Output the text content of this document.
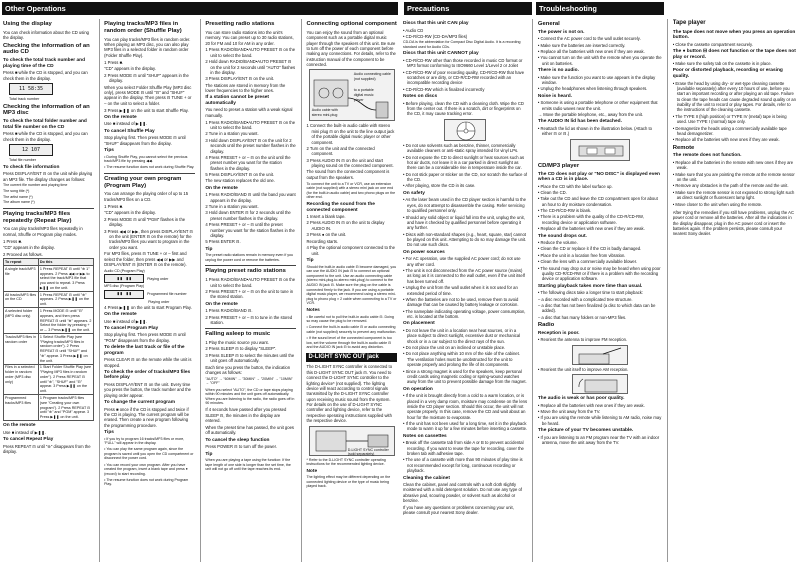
Other Operations
Using the display

You can check information about the CD using the display.

Checking the information of an audio CD
To check the total track number and playing time of the CD

Press ■ while the CD is stopped, and you can check them in the display.

11 58:35
Total track number
Checking the information of an MP3 disc
To check the total folder number and total file number on the CD

Press ■ while the CD is stopped, and you can check them in the display.

12 107
Total file number
To check file information

Press DISPLAY/ENT ⊟ on the unit while playing an MP3 file. The display changes as follows:

The current file number and playing time
The song title (*)
The artist name (*)
The album name (*)
Playing tracks/MP3 files repeatedly (Repeat Play)

You can play tracks/MP3 files repeatedly in normal, Shuffle or Program play modes.

1 Press ■.

"CD" appears in the display.

2 Proceed as follows.
To repeat	Do this
A single track/MP3 file	1 Press REPEAT ⊟ until "⊕ 1" appears. 2 Press ◀◀ or ▶▶ to select the track/MP3 file that you want to repeat. 3 Press ▶❚❚ on the unit.
All tracks/MP3 files on the CD	1 Press REPEAT ⊟ until "⊕" appears. 2 Press ▶❚❚ on the unit.
A selected folder (MP3 disc only)	1 Press MODE ⊟ until "⊟" appears, and then press REPEAT ⊟ until "⊕" appears. 2 Select the folder by pressing + or –. 3 Press ▶❚❚ on the unit.
Tracks/MP3 files in random order	1 Select Shuffle Play (see "Playing tracks/MP3 files in random order"). 2 Press REPEAT ⊟ until "SHUF" and "⊕" appear. 3 Press ▶❚❚ on the unit.
Files in a selected folder in random order (MP3 disc only)	1 Start Folder Shuffle Play (see "Playing MP3 files in random order"). 2 Press REPEAT ⊟ until "⊕", "SHUF" and "⊟" appear. 3 Press ▶❚❚ on the unit.
Programmed tracks/MP3 files	1 Program tracks/MP3 files (see "Creating your own program"). 2 Press REPEAT ⊟ until "⊕" and "PGM" appear. 3 Press ▶❚❚ on the unit.
On the remote

Use ■ instead of ▶❚❚.

To cancel Repeat Play

Press REPEAT ⊟ until "⊕" disappears from the display.

Playing tracks/MP3 files in random order (Shuffle Play)

You can play tracks/MP3 files in random order. When playing an MP3 disc, you can also play MP3 files in a selected folder in random order (Folder Shuffle Play).

1 Press ■.

"CD" appears in the display.

2 Press MODE ⊟ until "SHUF" appears in the display.

When you select Folder Shuffle Play (MP3 disc only), press MODE ⊟ until "⊟" and "SHUF" appear in the display. Then press ⊟ TUNE + or – on the unit to select a folder.

3 Press ▶❚❚ on the unit to start Shuffle Play.
On the remote

Use ■ instead of ▶❚❚.

To cancel Shuffle Play

Stop playing first. Then press MODE ⊟ until "SHUF" disappears from the display.

Tips

• During Shuffle Play, you cannot select the previous track/MP3 file by pressing ◀◀.

• The resume function does not work during Shuffle Play.

Creating your own program (Program Play)

You can arrange the playing order of up to 15 tracks/MP3 files on a CD.

1 Press ■.

"CD" appears in the display.

2 Press MODE ⊟ until "PGM" flashes in the display.
3 Press ◀◀ or ▶▶, then press DISPLAY/ENT ⊟ on the unit (ENTER ⊟ on the remote) for the tracks/MP3 files you want to program in the order you want.

For MP3 files, press ⊟ TUNE + or – first and select the folder, then press ◀◀ or ▶▶ and DISPLAY/ENT ⊟ (ENTER ⊟ on the remote).

Audio CD (Program Play)
▮▮ ▮▮	Playing order
MP3 disc (Program Play)
▮▮ ▮▮	Programmed file number
Playing order
4 Press ▶❚❚ on the unit to start Program Play.
On the remote

Use ■ instead of ▶❚❚.

To cancel Program Play

Stop playing first. Then press MODE ⊟ until "PGM" disappears from the display.

To delete the last track or file of the program

Press CLEAR ⊟ on the remote while the unit is stopped.

To check the order of tracks/MP3 files before play

Press DISPLAY/ENT ⊟ on the unit. Every time you press the button, the track number and the playing order appear.

To change the current program

Press ■ once if the CD is stopped and twice if the CD is playing. The current program will be erased. Then create a new program following the programming procedure.

Tips

• If you try to program 16 tracks/MP3 files or more, "FULL" will appear in the display.

• You can play the same program again, since the program is saved until you open the CD compartment or disconnect the power cord.

• You can record your own program. After you have created the program, insert a blank tape and press ● (record) to start recording.

• The resume function does not work during Program Play.

Presetting radio stations

You can store radio stations into the unit's memory. You can preset up to 30 radio stations, 20 for FM and 10 for AM in any order.

1 Press RADIO/BAND•AUTO PRESET ⊟ on the unit to select the band.
2 Hold down RADIO/BAND•AUTO PRESET ⊟ on the unit for 2 seconds until "AUTO" flashes in the display.
3 Press DISPLAY/ENT ⊟ on the unit.

The stations are stored in memory from the lower frequencies to the higher ones.

If a station cannot be preset automatically

You need to preset a station with a weak signal manually.

1 Press RADIO/BAND•AUTO PRESET ⊟ on the unit to select the band.
2 Tune in a station you want.
3 Hold down DISPLAY/ENT ⊟ on the unit for 2 seconds until the preset number flashes in the display.
4 Press PRESET + or – ⊟ on the unit until the preset number you want for the station flashes in the display.
5 Press DISPLAY/ENT ⊟ on the unit.

The new station replaces the old one.

On the remote
1 Press RADIO/BAND ⊟ until the band you want appears in the display.
2 Tune in a station you want.
3 Hold down ENTER ⊟ for 2 seconds until the preset number flashes in the display.
4 Press PRESET + or – ⊟ until the preset number you want for the station flashes in the display.
5 Press ENTER ⊟.
Tip

The preset radio stations remain in memory even if you unplug the power cord or remove the batteries.

Playing preset radio stations
1 Press RADIO/BAND•AUTO PRESET ⊟ on the unit to select the band.
2 Press PRESET + or – ⊟ on the unit to tune in the stored station.
On the remote
1 Press RADIO/BAND ⊟.
2 Press PRESET + or – ⊟ to tune in the stored station.
Falling asleep to music
1 Play the music source you want.
2 Press SLEEP ⊟ to display "SLEEP".
3 Press SLEEP ⊟ to select the minutes until the unit goes off automatically.

Each time you press the button, the indication changes as follows:

"AUTO" → "60MIN" → "30MIN" → "20MIN" → "10MIN" → "OFF"

When you select "AUTO", the CD or tape stops playing within 90 minutes and the unit goes off automatically. When you are listening to the radio, the radio goes off in 90 minutes.

If 4 seconds have passed after you pressed SLEEP ⊟, the minutes in the display are entered.

When the preset time has passed, the unit goes off automatically.

To cancel the sleep function

Press POWER ⊟ to turn off the power.

Tip

When you are playing a tape using the function: If the tape length of one side is longer than the set time, the unit will not go off until the tape reaches its end.

Connecting optional component

You can enjoy the sound from an optional component such as a portable digital music player through the speakers of this unit. Be sure to turn off the power of each component before making any connections. For details, refer to the instruction manual of the component to be connected.

Audio cable with stereo mini-plug
Audio connecting cable (not supplied)
to a portable digital music player
1 Connect the built-in audio cable with stereo mini plug ⊟ on the unit to the line output jack of the portable digital music player or other component.
2 Turn on the unit and the connected component.
3 Press AUDIO IN ⊟ on the unit and start playing sound on the connected component.

The sound from the connected component is output from the speakers.

To connect the unit to a TV or VCR, use an extension cable (not supplied) with a stereo mini jack on one end (for the built-in audio cable) and two phono plugs on the other end.

Recording the sound from the connected component
1 Insert a blank tape.
2 Press AUDIO IN ⊟ on the unit to display AUDIO IN.
3 Press ● on the unit.

Recording starts.

4 Play the optional component connected to the unit.
Tip

Should the built-in audio cable ⊟ become damaged, you can use the AUDIO IN jack ⊟ to connect an optional component to the unit. Use an audio connecting cable (stereo mini-plug-to-stereo mini-plug) to connect to the AUDIO IN jack ⊟. Make sure the plug on the cable is connected firmly to the jack. If you are using a portable digital music player, we recommend using a stereo mini-plug to phono plug × 2 cable when connecting to a TV or VCR.

Notes

• Be careful not to pull the built-in audio cable ⊟. Doing so may cause the plug to be removed.

• Connect the built-in audio cable ⊟ or audio connecting cable (not supplied) securely to prevent any malfunction.

• If the sound level of the connected component is too low, set the volume through the built-in audio cable ⊟ and the AUDIO IN jack ⊟ to avoid any distortion.

D-LIGHT SYNC OUT jack

The D-LIGHT SYNC controller is connected to this D-LIGHT SYNC OUT jack ⊟. You need to connect the D-LIGHT SYNC controller to the lighting device* (not supplied). The lighting device will react according to control signals transmitted by the D-LIGHT SYNC controller upon receiving music sound from the system. For details on the use of D-LIGHT SYNC controller and lighting device, refer to the respective operating instructions supplied with the respective device.

D-LIGHT SYNC controller (sold separately)

* Refer to the D-LIGHT SYNC controller operating instructions for the recommended lighting device.

Note

The lighting effect may be different depending on the connected lighting device or the type of music being played back.

Precautions	Troubleshooting
Discs that this unit CAN play
• Audio CD
• CD-R/CD-RW (CD-DA/MP3 files)

CD-DA is the abbreviation for Compact Disc Digital Audio. It is a recording standard used for Audio CDs.

Discs that this unit CANNOT play
• CD-R/CD-RW other than those recorded in music CD format or MP3 format conforming to ISO9660 Level 1/Level 2 or Joliet
• CD-R/CD-RW of poor recording quality, CD-R/CD-RW that have scratches or are dirty, or CD-R/CD-RW recorded with an incompatible recording device
• CD-R/CD-RW which is finalized incorrectly
Notes on discs
• Before playing, clean the CD with a cleaning cloth. Wipe the CD from the center out. If there is a scratch, dirt or fingerprints on the CD, it may cause tracking error.
• Do not use solvents such as benzine, thinner, commercially available cleaners or anti-static spray intended for vinyl LPs.
• Do not expose the CD to direct sunlight or heat sources such as hot air ducts, nor leave it in a car parked in direct sunlight as there can be a considerable rise in temperature inside the car.
• Do not stick paper or sticker on the CD, nor scratch the surface of the CD.
• After playing, store the CD in its case.
On safety
• As the laser beam used in the CD player section is harmful to the eyes, do not attempt to disassemble the casing. Refer servicing to qualified personnel only.
• Should any solid object or liquid fall into the unit, unplug the unit, and have it checked by qualified personnel before operating it any further.
• Discs with non-standard shapes (e.g., heart, square, star) cannot be played on this unit. Attempting to do so may damage the unit. Do not use such discs.
On power sources
• For AC operation, use the supplied AC power cord; do not use any other cord.
• The unit is not disconnected from the AC power source (mains) as long as it is connected to the wall outlet, even if the unit itself has been turned off.
• Unplug the unit from the wall outlet when it is not used for an extended period of time.
• When the batteries are not to be used, remove them to avoid damage that can be caused by battery leakage or corrosion.
• The nameplate indicating operating voltage, power consumption, etc. is located at the bottom.
On placement
• Do not leave the unit in a location near heat sources, or in a place subject to direct sunlight, excessive dust or mechanical shock or in a car subject to the direct rays of the sun.
• Do not place the unit on an inclined or unstable place.
• Do not place anything within 10 mm of the side of the cabinet. The ventilation holes must be unobstructed for the unit to operate properly and prolong the life of its components.
• Since a strong magnet is used for the speakers, keep personal credit cards using magnetic coding or spring-wound watches away from the unit to prevent possible damage from the magnet.
On operation
• If the unit is brought directly from a cold to a warm location, or is placed in a very damp room, moisture may condense on the lens inside the CD player section. Should this occur, the unit will not operate properly. In this case, remove the CD and wait about an hour for the moisture to evaporate.
• If the unit has not been used for a long time, set it in the playback mode to warm it up for a few minutes before inserting a cassette.
Notes on cassettes
• Break off the cassette tab from side A or B to prevent accidental recording. If you want to reuse the tape for recording, cover the broken tab with adhesive tape.
• The use of a cassette with more than 90 minutes of play time is not recommended except for long, continuous recording or playback.
Cleaning the cabinet

Clean the cabinet, panel and controls with a soft cloth slightly moistened with a mild detergent solution. Do not use any type of abrasive pad, scouring powder, or solvent such as alcohol or benzine.

If you have any questions or problems concerning your unit, please consult your nearest Sony dealer.

General
The power is not on.
• Connect the AC power cord to the wall outlet securely.
• Make sure the batteries are inserted correctly.
• Replace all the batteries with new ones if they are weak.
• You cannot turn on the unit with the remote when you operate the unit on batteries.
There is no audio.
• Make sure the function you want to use appears in the display window.
• Unplug the headphones when listening through speakers.
Noise is heard.
• Someone is using a portable telephone or other equipment that emits radio waves near the unit.
→ Move the portable telephone, etc., away from the unit.
The AUDIO IN lid has been detached.
• Reattach the lid as shown in the illustration below. (Attach to either ⊟ or ⊟.)
CD/MP3 player
The CD does not play or "NO DISC" is displayed even when a CD is in place.
• Place the CD with the label surface up.
• Clean the CD.
• Take out the CD and leave the CD compartment open for about an hour to dry moisture condensation.
• The CD-R/CD-RW is blank.
• There is a problem with the quality of the CD-R/CD-RW, recording device or application software.
• Replace all the batteries with new ones if they are weak.
The sound drops out.
• Reduce the volume.
• Clean the CD or replace it if the CD is badly damaged.
• Place the unit in a location free from vibration.
• Clean the lens with a commercially available blower.
• The sound may drop out or noise may be heard when using poor quality CD-R/CD-RW or if there is a problem with the recording device or application software.
Starting playback takes more time than usual.
• The following discs take a longer time to start playback:
– a disc recorded with a complicated tree structure.
– a disc that has not been finalized (a disc to which data can be added).
– a disc that has many folders or non-MP3 files.
Radio
Reception is poor.
• Reorient the antenna to improve FM reception.
• Reorient the unit itself to improve AM reception.
The audio is weak or has poor quality.
• Replace all the batteries with new ones if they are weak.
• Move the unit away from the TV.
• If you are using the remote while listening to AM radio, noise may be heard.
The picture of your TV becomes unstable.
• If you are listening to an FM program near the TV with an indoor antenna, move the unit away from the TV.
Tape player
The tape does not move when you press an operation button.
• Close the cassette compartment securely.
The ● button ⊟ does not function or the tape does not play or record.
• Make sure the safety tab on the cassette is in place.
Poor or distorted playback, recording or erasing quality.
• Erase the head by using dry- or wet-type cleaning cassette (available separately) after every 10 hours of use, before you start an important recording or after playing an old tape. Failure to clean the tape heads can cause degraded sound quality or an inability of the unit to record or play tapes. For details, refer to the instructions of the cleaning cassette.
• The TYPE II (high position) or TYPE IV (metal) tape is being used. Use TYPE I (normal) tape only.
• Demagnetize the heads using a commercially available tape head demagnetizer.
• Replace all the batteries with new ones if they are weak.
Remote
The remote does not function.
• Replace all the batteries in the remote with new ones if they are weak.
• Make sure that you are pointing the remote at the remote sensor on the unit.
• Remove any obstacles in the path of the remote and the unit.
• Make sure the remote sensor is not exposed to strong light such as direct sunlight or fluorescent lamp light.
• Move closer to the unit when using the remote.

After trying the remedies if you still have problems, unplug the AC power cord or remove all the batteries. After all the indications in the display disappear, plug in the AC power cord or insert the batteries again. If the problem persists, please consult your nearest Sony dealer.
